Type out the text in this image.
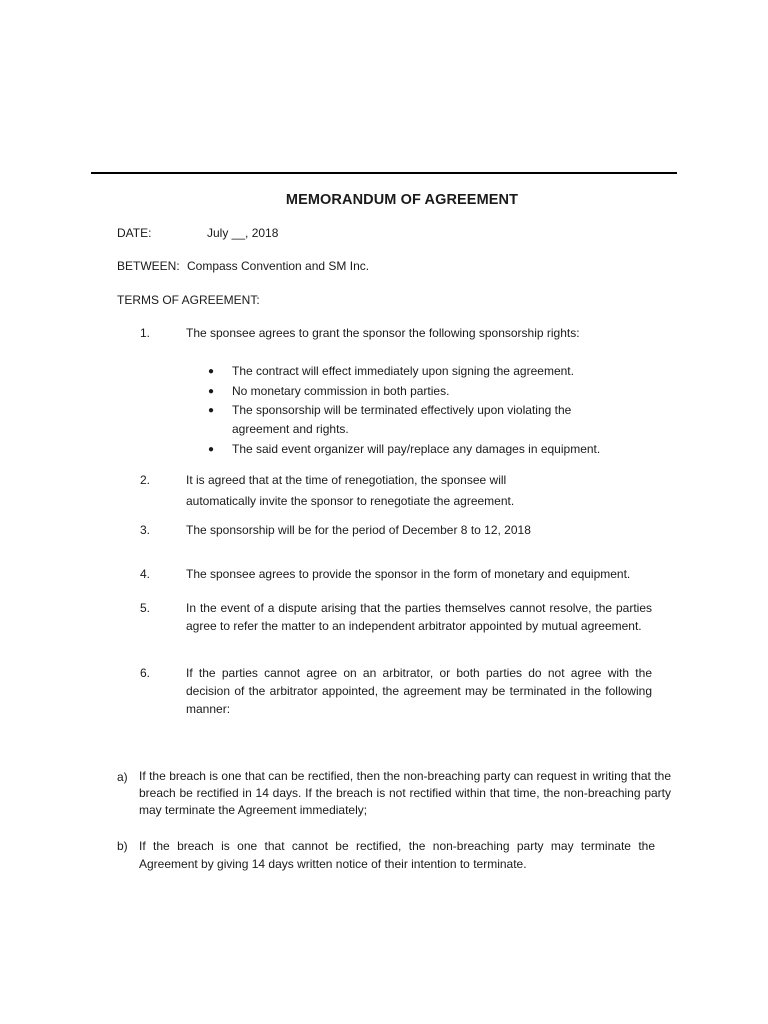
MEMORANDUM OF AGREEMENT
DATE:	July __, 2018
BETWEEN: Compass Convention and SM Inc.
TERMS OF AGREEMENT:
1.	The sponsee agrees to grant the sponsor the following sponsorship rights:
● The contract will effect immediately upon signing the agreement.
● No monetary commission in both parties.
● The sponsorship will be terminated effectively upon violating the
agreement and rights.
● The said event organizer will pay/replace any damages in equipment.
2.	It is agreed that at the time of renegotiation, the sponsee will
automatically invite the sponsor to renegotiate the agreement.
3.	The sponsorship will be for the period of December 8 to 12, 2018
4.	The sponsee agrees to provide the sponsor in the form of monetary and equipment.
5.	In the event of a dispute arising that the parties themselves cannot resolve, the parties agree to refer the matter to an independent arbitrator appointed by mutual agreement.
6.	If the parties cannot agree on an arbitrator, or both parties do not agree with the decision of the arbitrator appointed, the agreement may be terminated in the following manner:
a) If the breach is one that can be rectified, then the non-breaching party can request in writing that the breach be rectified in 14 days. If the breach is not rectified within that time, the non-breaching party may terminate the Agreement immediately;
b) If the breach is one that cannot be rectified, the non-breaching party may terminate the Agreement by giving 14 days written notice of their intention to terminate.
